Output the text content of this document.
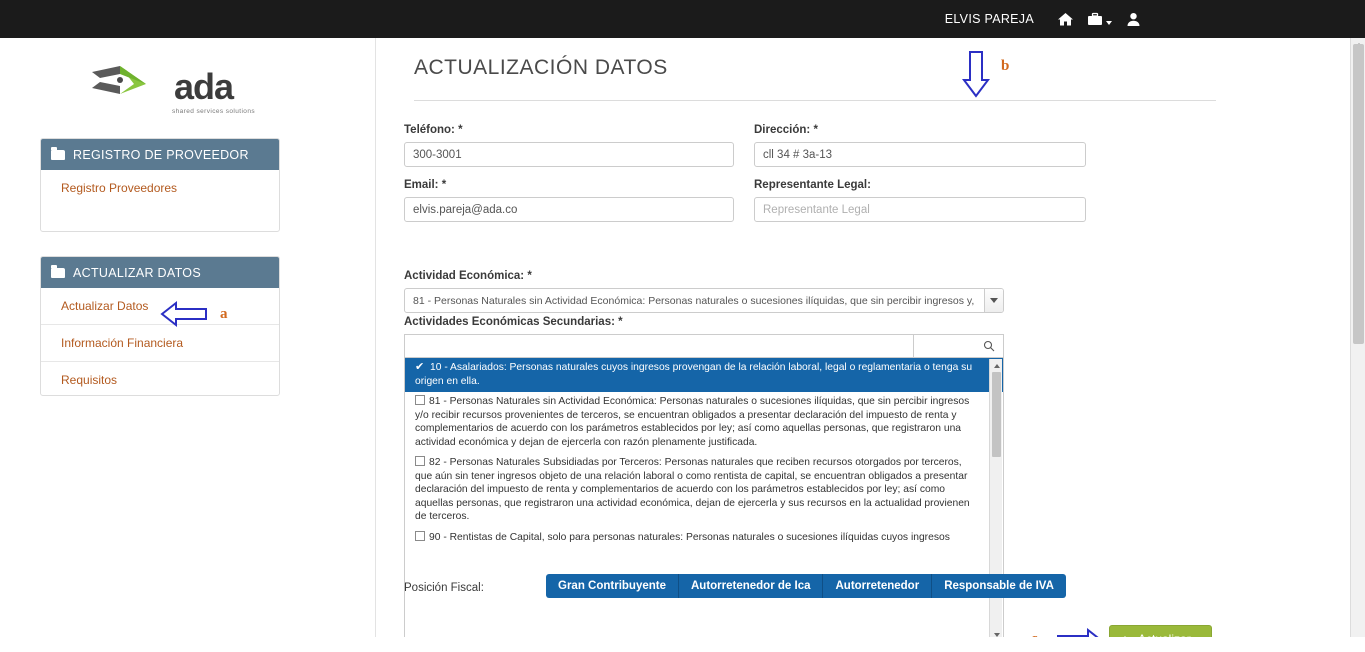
ELVIS PAREJA
ada
shared services solutions
REGISTRO DE PROVEEDOR
Registro Proveedores
ACTUALIZAR DATOS
Actualizar Datos
Información Financiera
Requisitos
a
ACTUALIZACIÓN DATOS	b
Teléfono: *
300-3001	Dirección: *
cll 34 # 3a-13
Email: *
elvis.pareja@ada.co	Representante Legal:
Representante Legal
Actividad Económica: *
81 - Personas Naturales sin Actividad Económica: Personas naturales o sucesiones ilíquidas, que sin percibir ingresos y,
Actividades Económicas Secundarias: *
✔ 10 - Asalariados: Personas naturales cuyos ingresos provengan de la relación laboral, legal o reglamentaria o tenga su origen en ella.
81 - Personas Naturales sin Actividad Económica: Personas naturales o sucesiones ilíquidas, que sin percibir ingresos y/o recibir recursos provenientes de terceros, se encuentran obligados a presentar declaración del impuesto de renta y complementarios de acuerdo con los parámetros establecidos por ley; así como aquellas personas, que registraron una actividad económica y dejan de ejercerla con razón plenamente justificada.
82 - Personas Naturales Subsidiadas por Terceros: Personas naturales que reciben recursos otorgados por terceros, que aún sin tener ingresos objeto de una relación laboral o como rentista de capital, se encuentran obligados a presentar declaración del impuesto de renta y complementarios de acuerdo con los parámetros establecidos por ley; así como aquellas personas, que registraron una actividad económica, dejan de ejercerla y sus recursos en la actualidad provienen de terceros.
90 - Rentistas de Capital, solo para personas naturales: Personas naturales o sucesiones ilíquidas cuyos ingresos
Posición Fiscal:	Gran Contribuyente	Autorretenedor de Ica	Autorretenedor	Responsable de IVA
